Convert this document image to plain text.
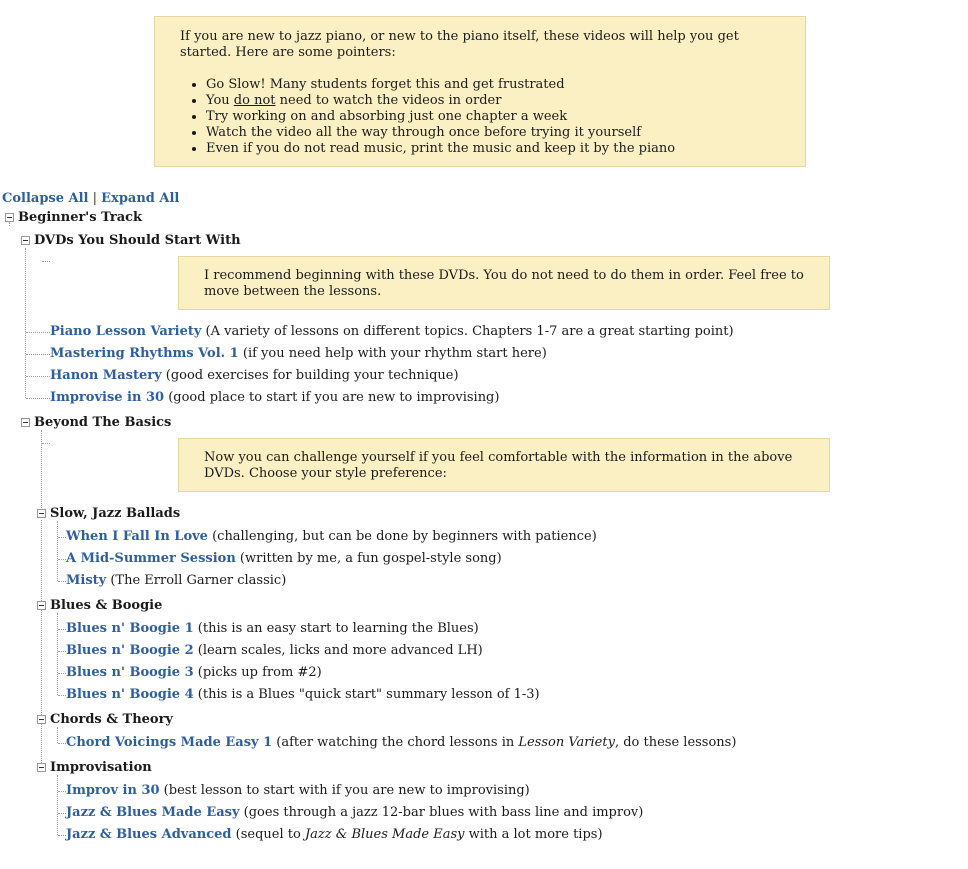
If you are new to jazz piano, or new to the piano itself, these videos will help you get started. Here are some pointers:

• Go Slow! Many students forget this and get frustrated
• You do not need to watch the videos in order
• Try working on and absorbing just one chapter a week
• Watch the video all the way through once before trying it yourself
• Even if you do not read music, print the music and keep it by the piano
Collapse All | Expand All
Beginner's Track
DVDs You Should Start With

I recommend beginning with these DVDs. You do not need to do them in order. Feel free to move between the lessons.

Piano Lesson Variety (A variety of lessons on different topics. Chapters 1-7 are a great starting point)
Mastering Rhythms Vol. 1 (if you need help with your rhythm start here)
Hanon Mastery (good exercises for building your technique)
Improvise in 30 (good place to start if you are new to improvising)
Beyond The Basics

Now you can challenge yourself if you feel comfortable with the information in the above DVDs. Choose your style preference:

Slow, Jazz Ballads
When I Fall In Love (challenging, but can be done by beginners with patience)
A Mid-Summer Session (written by me, a fun gospel-style song)
Misty (The Erroll Garner classic)
Blues & Boogie
Blues n' Boogie 1 (this is an easy start to learning the Blues)
Blues n' Boogie 2 (learn scales, licks and more advanced LH)
Blues n' Boogie 3 (picks up from #2)
Blues n' Boogie 4 (this is a Blues "quick start" summary lesson of 1-3)
Chords & Theory
Chord Voicings Made Easy 1 (after watching the chord lessons in Lesson Variety, do these lessons)
Improvisation
Improv in 30 (best lesson to start with if you are new to improvising)
Jazz & Blues Made Easy (goes through a jazz 12-bar blues with bass line and improv)
Jazz & Blues Advanced (sequel to Jazz & Blues Made Easy with a lot more tips)
